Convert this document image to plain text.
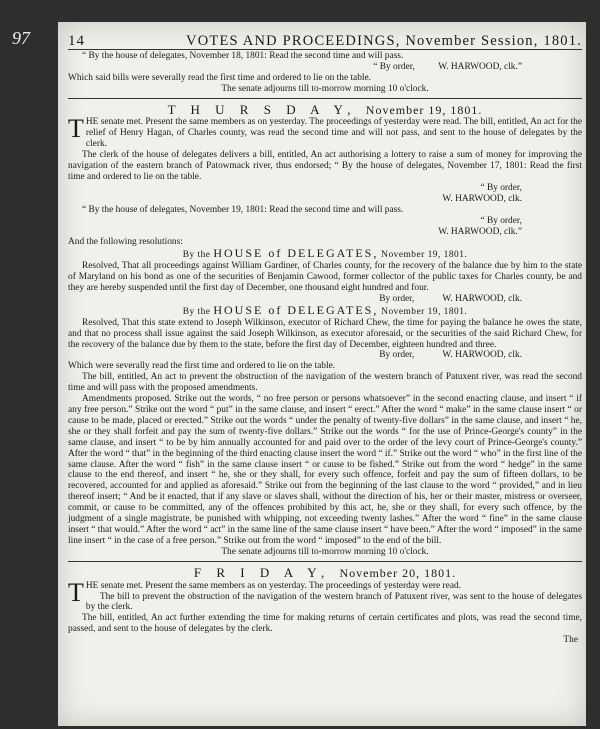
97	14	VOTES AND PROCEEDINGS, November Session, 1801.

“ By the house of delegates, November 18, 1801: Read the second time and will pass.

“ By order, W. HARWOOD, clk.”

Which said bills were severally read the first time and ordered to lie on the table.

The senate adjourns till to-morrow morning 10 o'clock.

T H U R S D A Y, November 19, 1801.

THE senate met. Present the same members as on yesterday. The proceedings of yesterday were read. The bill, entitled, An act for the relief of Henry Hagan, of Charles county, was read the second time and will not pass, and sent to the house of delegates by the clerk.

The clerk of the house of delegates delivers a bill, entitled, An act authorising a lottery to raise a sum of money for improving the navigation of the eastern branch of Patowmack river, thus endorsed; “ By the house of delegates, November 17, 1801: Read the first time and ordered to lie on the table.

“ By order,
W. HARWOOD, clk.

“ By the house of delegates, November 19, 1801: Read the second time and will pass.

“ By order,
W. HARWOOD, clk.”

And the following resolutions:

By the HOUSE of DELEGATES, November 19, 1801.

Resolved, That all proceedings against William Gardiner, of Charles county, for the recovery of the balance due by him to the state of Maryland on his bond as one of the securities of Benjamin Cawood, former collector of the public taxes for Charles county, be and they are hereby suspended until the first day of December, one thousand eight hundred and four.

By order,	W. HARWOOD, clk.

By the HOUSE of DELEGATES, November 19, 1801.

Resolved, That this state extend to Joseph Wilkinson, executor of Richard Chew, the time for paying the balance he owes the state, and that no process shall issue against the said Joseph Wilkinson, as executor aforesaid, or the securities of the said Richard Chew, for the recovery of the balance due by them to the state, before the first day of December, eighteen hundred and three.

By order,	W. HARWOOD, clk.

Which were severally read the first time and ordered to lie on the table.

The bill, entitled, An act to prevent the obstruction of the navigation of the western branch of Patuxent river, was read the second time and will pass with the proposed amendments.

Amendments proposed. Strike out the words, “ no free person or persons whatsoever” in the second enacting clause, and insert “ if any free person.” Strike out the word “ put” in the same clause, and insert “ erect.” After the word “ make” in the same clause insert “ or cause to be made, placed or erected.” Strike out the words “ under the penalty of twenty-five dollars” in the same clause, and insert “ he, she or they shall forfeit and pay the sum of twenty-five dollars.” Strike out the words “ for the use of Prince-George's county” in the same clause, and insert “ to be by him annually accounted for and paid over to the order of the levy court of Prince-George's county.” After the word “ that” in the beginning of the third enacting clause insert the word “ if.” Strike out the word “ who” in the first line of the same clause. After the word “ fish” in the same clause insert “ or cause to be fished.” Strike out from the word “ hedge” in the same clause to the end thereof, and insert “ he, she or they shall, for every such offence, forfeit and pay the sum of fifteen dollars, to be recovered, accounted for and applied as aforesaid.” Strike out from the beginning of the last clause to the word “ provided,” and in lieu thereof insert; “ And be it enacted, that if any slave or slaves shall, without the direction of his, her or their master, mistress or overseer, commit, or cause to be committed, any of the offences prohibited by this act, he, she or they shall, for every such offence, by the judgment of a single magistrate, be punished with whipping, not exceeding twenty lashes.” After the word “ fine” in the same clause insert “ that would.” After the word “ act” in the same line of the same clause insert “ have been.” After the word “ imposed” in the same line insert “ in the case of a free person.” Strike out from the word “ imposed” to the end of the bill.

The senate adjourns till to-morrow morning 10 o'clock.

F R I D A Y, November 20, 1801.

THE senate met. Present the same members as on yesterday. The proceedings of yesterday were read.

The bill to prevent the obstruction of the navigation of the western branch of Patuxent river, was sent to the house of delegates by the clerk.

The bill, entitled, An act further extending the time for making returns of certain certificates and plots, was read the second time, passed, and sent to the house of delegates by the clerk.

The
